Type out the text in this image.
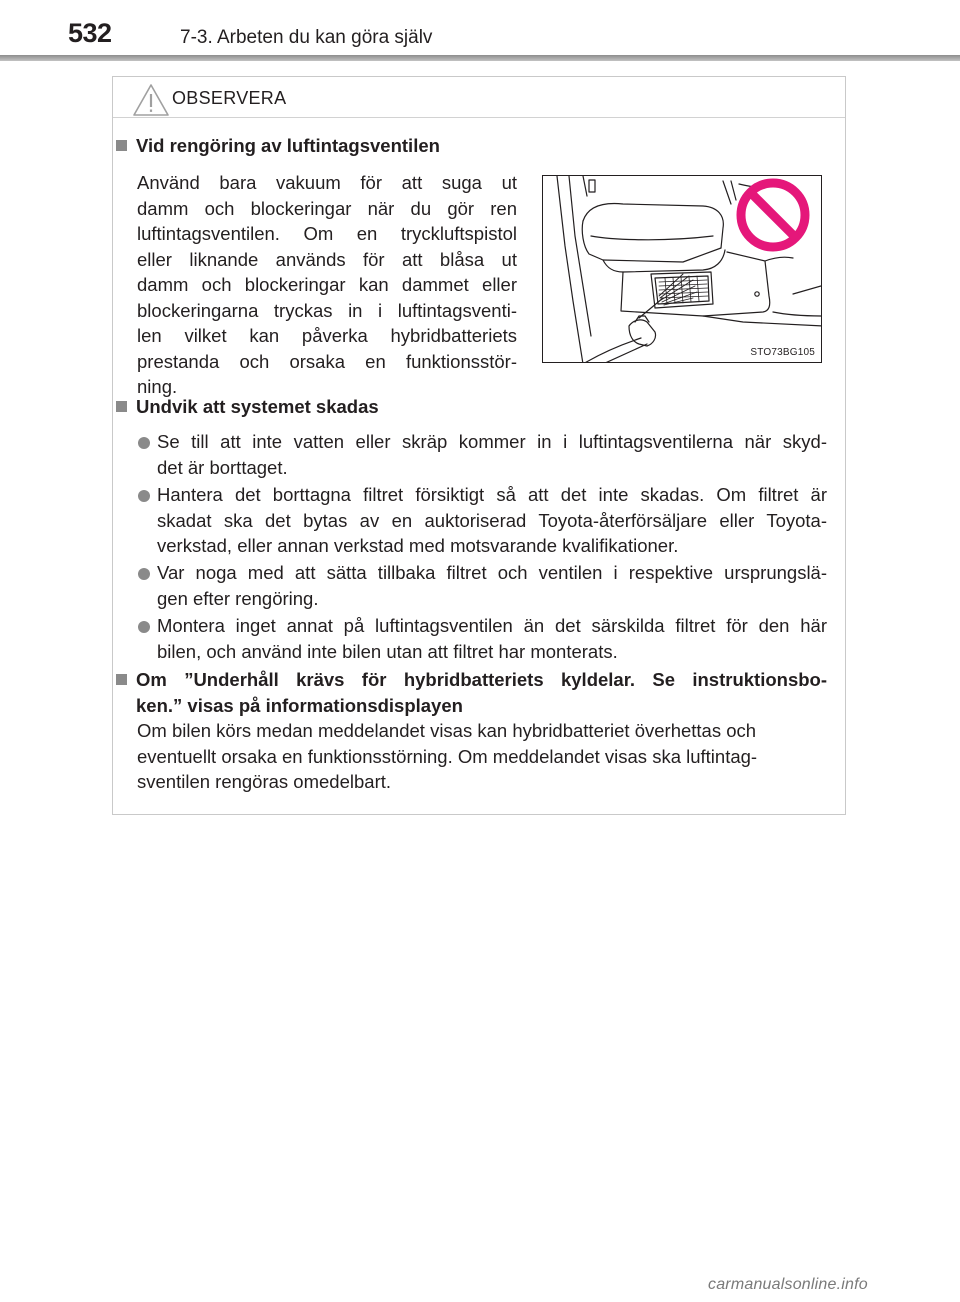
532	7-3. Arbeten du kan göra själv
OBSERVERA
Vid rengöring av luftintagsventilen
Använd bara vakuum för att suga ut
damm och blockeringar när du gör ren
luftintagsventilen. Om en tryckluftspistol
eller liknande används för att blåsa ut
damm och blockeringar kan dammet eller
blockeringarna tryckas in i luftintagsventi-
len vilket kan påverka hybridbatteriets
prestanda och orsaka en funktionsstör-
ning.
STO73BG105
Undvik att systemet skadas
Se till att inte vatten eller skräp kommer in i luftintagsventilerna när skyd-
det är borttaget.
Hantera det borttagna filtret försiktigt så att det inte skadas. Om filtret är
skadat ska det bytas av en auktoriserad Toyota-återförsäljare eller Toyota-
verkstad, eller annan verkstad med motsvarande kvalifikationer.
Var noga med att sätta tillbaka filtret och ventilen i respektive ursprungslä-
gen efter rengöring.
Montera inget annat på luftintagsventilen än det särskilda filtret för den här
bilen, och använd inte bilen utan att filtret har monterats.
Om ”Underhåll krävs för hybridbatteriets kyldelar. Se instruktionsbo-
ken.” visas på informationsdisplayen
Om bilen körs medan meddelandet visas kan hybridbatteriet överhettas och
eventuellt orsaka en funktionsstörning. Om meddelandet visas ska luftintag-
sventilen rengöras omedelbart.
carmanualsonline.info
